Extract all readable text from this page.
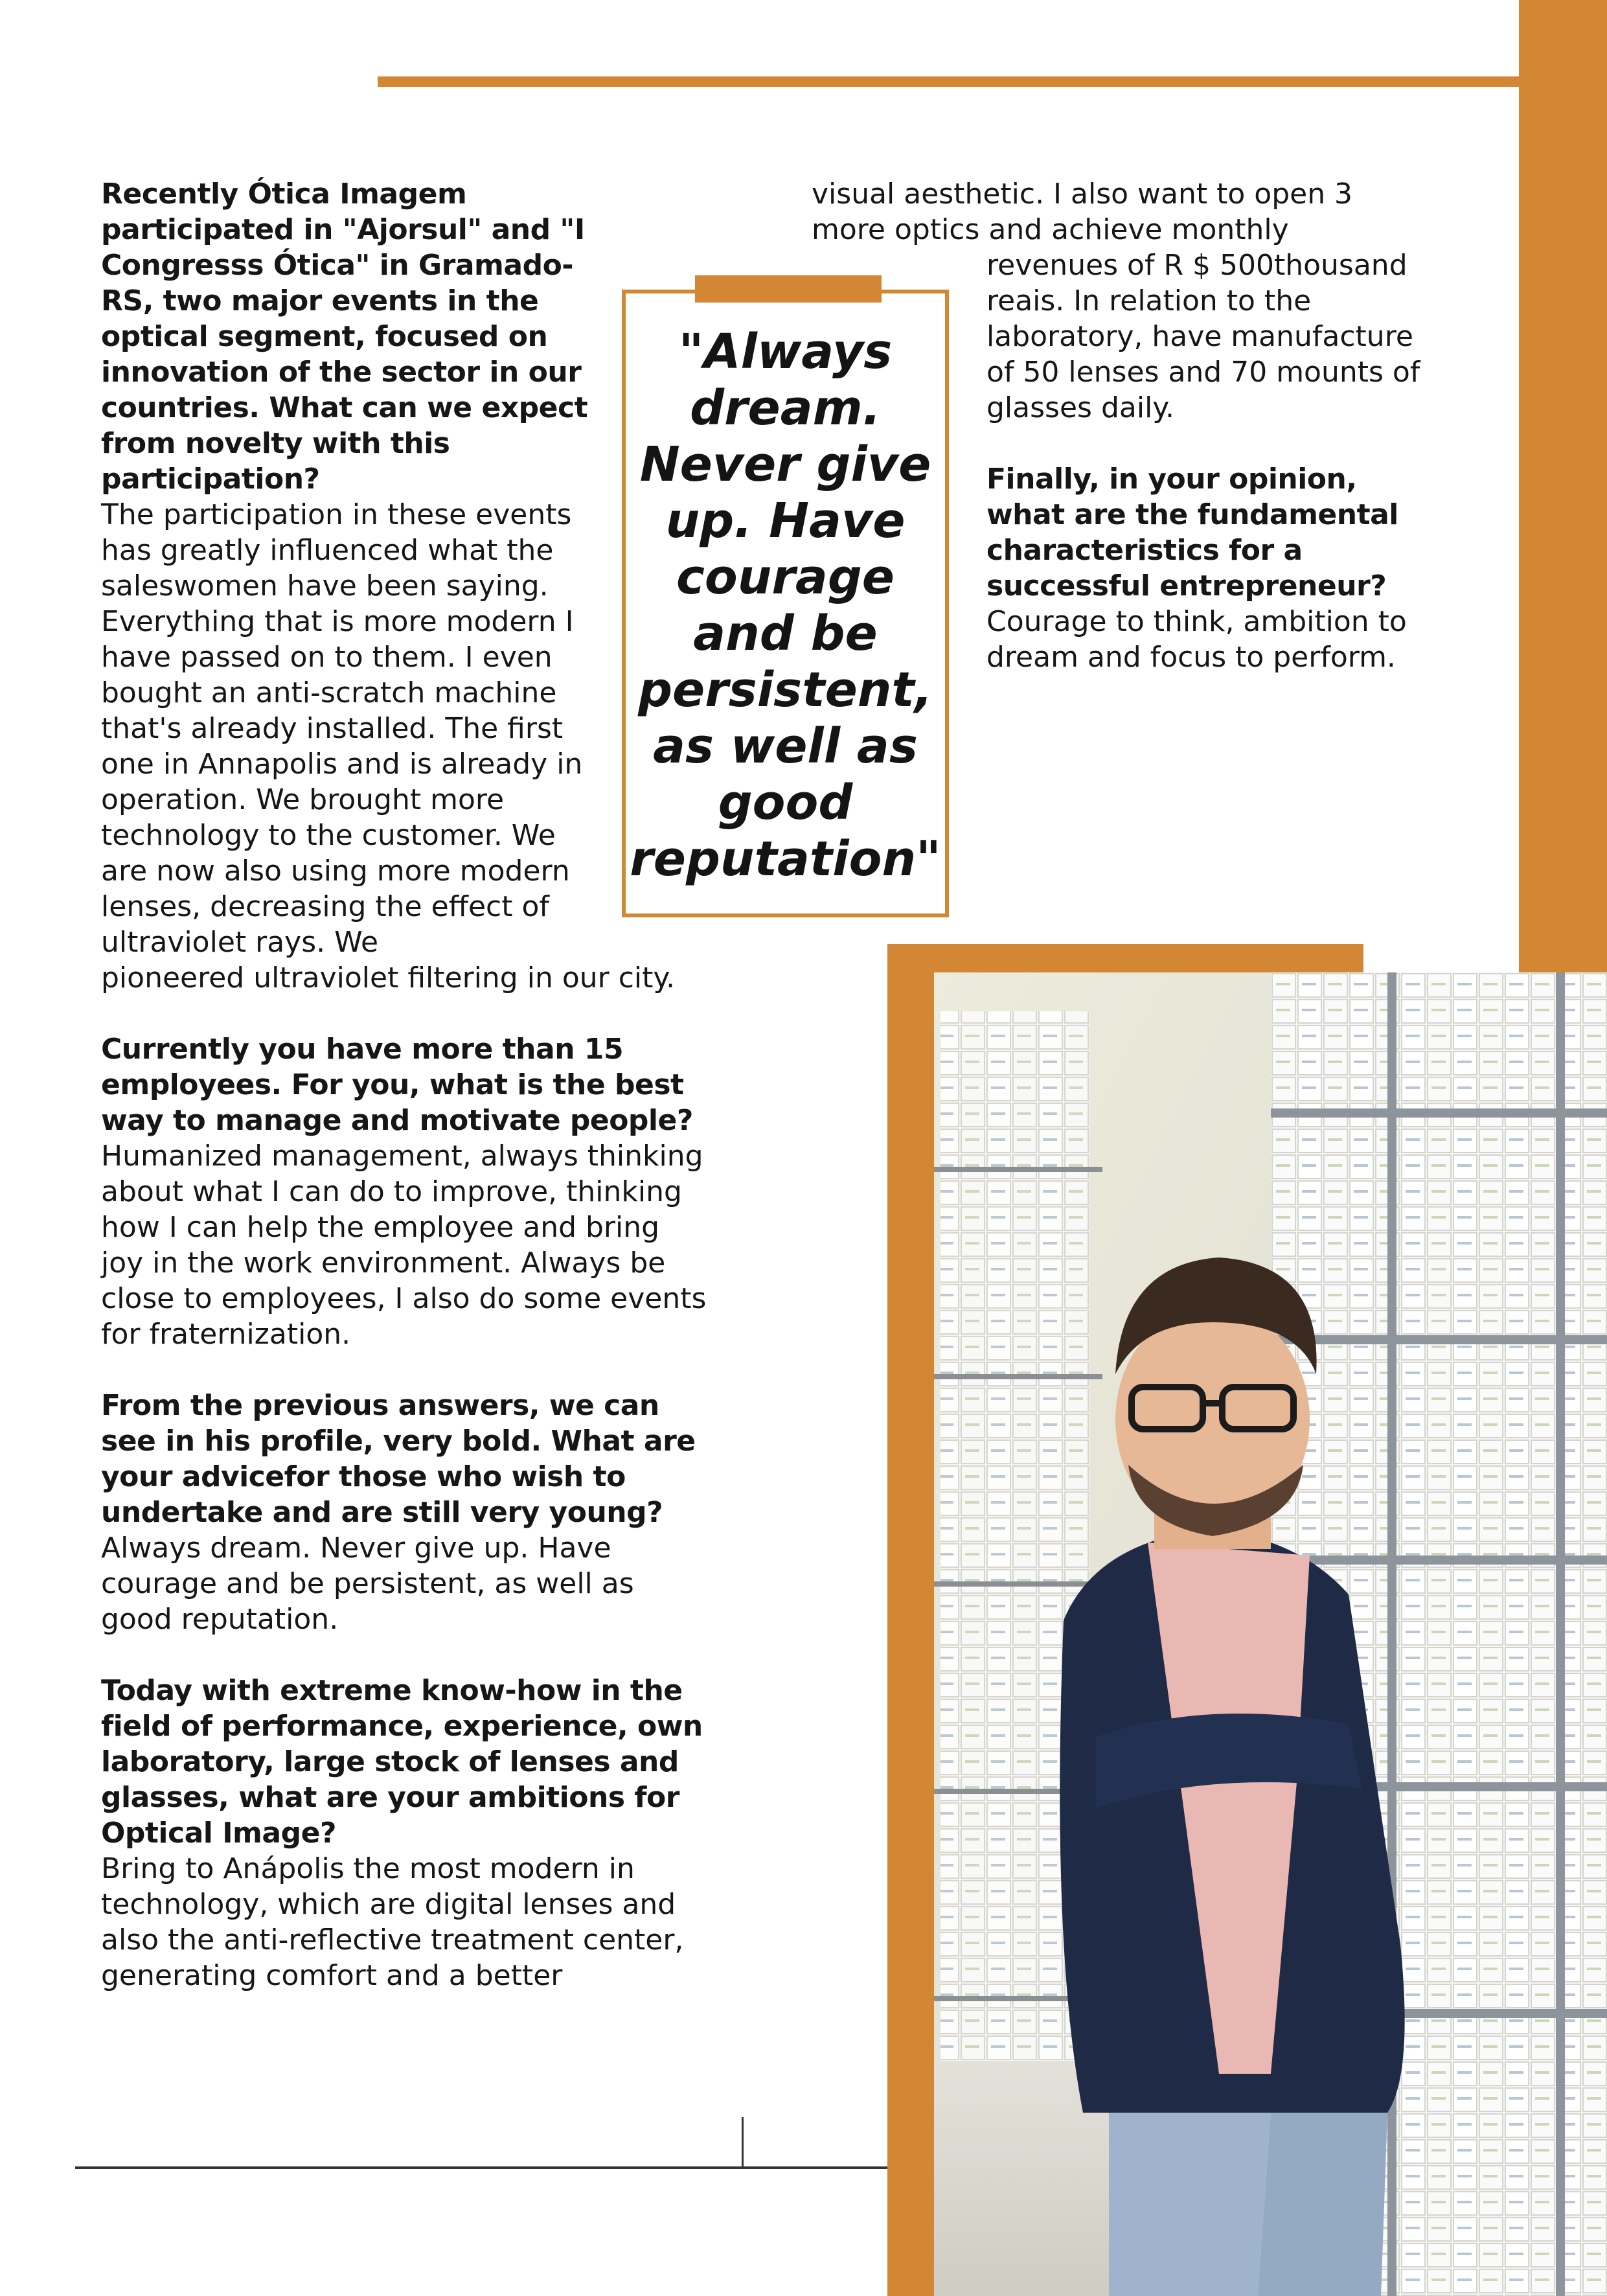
Recently Ótica Imagem participated in "Ajorsul" and "I Congresss Ótica" in Gramado-RS, two major events in the optical segment, focused on innovation of the sector in our countries. What can we expect from novelty with this participation?

The participation in these events has greatly influenced what the saleswomen have been saying. Everything that is more modern I have passed on to them. I even bought an anti-scratch machine that's already installed. The first one in Annapolis and is already in operation. We brought more technology to the customer. We are now also using more modern lenses, decreasing the effect of ultraviolet rays. We

pioneered ultraviolet filtering in our city.

Currently you have more than 15 employees. For you, what is the best way to manage and motivate people?

Humanized management, always thinking about what I can do to improve, thinking how I can help the employee and bring joy in the work environment. Always be close to employees, I also do some events for fraternization.

From the previous answers, we can see in his profile, very bold. What are your advicefor those who wish to undertake and are still very young?

Always dream. Never give up. Have courage and be persistent, as well as good reputation.

Today with extreme know-how in the field of performance, experience, own laboratory, large stock of lenses and glasses, what are your ambitions for Optical Image?

Bring to Anápolis the most modern in technology, which are digital lenses and also the anti-reflective treatment center, generating comfort and a better

visual aesthetic. I also want to open 3 more optics and achieve monthly

revenues of R $ 500thousand reais. In relation to the laboratory, have manufacture of 50 lenses and 70 mounts of glasses daily.

Finally, in your opinion, what are the fundamental characteristics for a successful entrepreneur?

Courage to think, ambition to dream and focus to perform.

"Always dream. Never give up. Have courage and be persistent, as well as good reputation"
